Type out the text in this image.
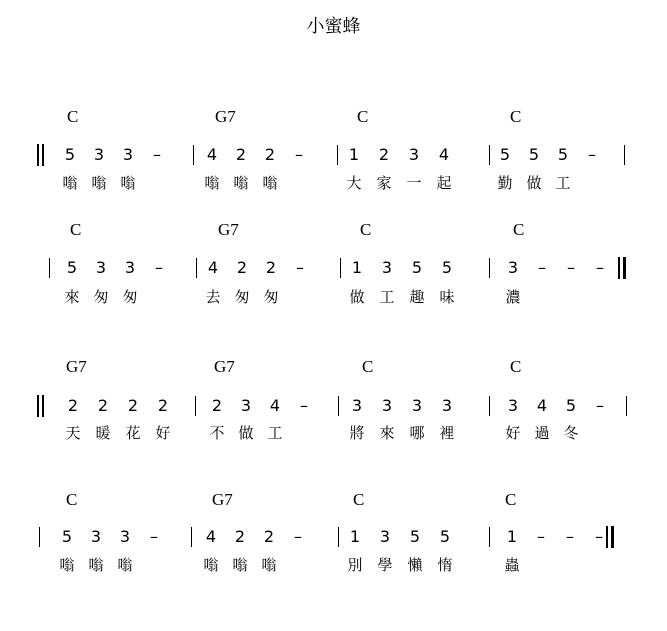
小蜜蜂
C	G7	C	C
5	3	3	–
嗡 嗡 嗡
4	2	2	–
嗡 嗡 嗡
1	2	3	4
大 家 一 起
5	5	5	–
勤 做 工
C	G7	C	C
5	3	3	–
來 匆 匆
4	2	2	–
去 匆 匆
1	3	5	5
做 工 趣 味
3	–	–	–
濃
G7	G7	C	C
2	2	2	2
天 暖 花 好
2	3	4	–
不 做 工
3	3	3	3
將 來 哪 裡
3	4	5	–
好 過 冬
C	G7	C	C
5	3	3	–
嗡 嗡 嗡
4	2	2	–
嗡 嗡 嗡
1	3	5	5
別 學 懶 惰
1	–	–	–
蟲
